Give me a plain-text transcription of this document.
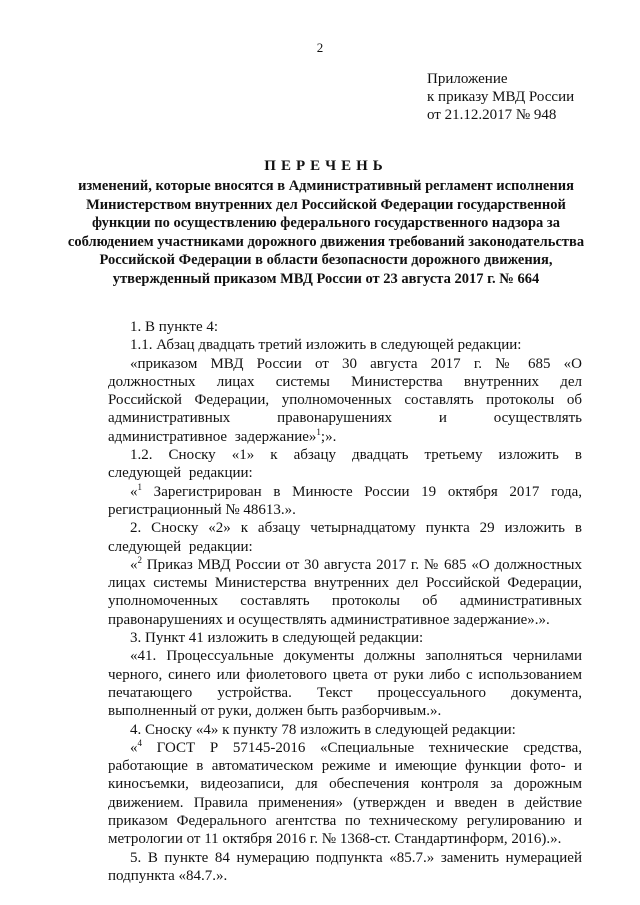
2
Приложение
к приказу МВД России
от 21.12.2017 № 948
ПЕРЕЧЕНЬ
изменений, которые вносятся в Административный регламент исполнения Министерством внутренних дел Российской Федерации государственной функции по осуществлению федерального государственного надзора за соблюдением участниками дорожного движения требований законодательства Российской Федерации в области безопасности дорожного движения, утвержденный приказом МВД России от 23 августа 2017 г. № 664

1. В пункте 4:

1.1. Абзац двадцать третий изложить в следующей редакции:

«приказом МВД России от 30 августа 2017 г. № 685 «О должностных лицах системы Министерства внутренних дел Российской Федерации, уполномоченных составлять протоколы об административных правонарушениях и осуществлять административное задержание»$^1$;».

1.2. Сноску «1» к абзацу двадцать третьему изложить в следующей редакции:

«$^1$ Зарегистрирован в Минюсте России 19 октября 2017 года, регистрационный № 48613.».

2. Сноску «2» к абзацу четырнадцатому пункта 29 изложить в следующей редакции:

«$^2$ Приказ МВД России от 30 августа 2017 г. № 685 «О должностных лицах системы Министерства внутренних дел Российской Федерации, уполномоченных составлять протоколы об административных правонарушениях и осуществлять административное задержание».».

3. Пункт 41 изложить в следующей редакции:

«41. Процессуальные документы должны заполняться чернилами черного, синего или фиолетового цвета от руки либо с использованием печатающего устройства. Текст процессуального документа, выполненный от руки, должен быть разборчивым.».

4. Сноску «4» к пункту 78 изложить в следующей редакции:

«$^4$ ГОСТ Р 57145-2016 «Специальные технические средства, работающие в автоматическом режиме и имеющие функции фото- и киносъемки, видеозаписи, для обеспечения контроля за дорожным движением. Правила применения» (утвержден и введен в действие приказом Федерального агентства по техническому регулированию и метрологии от 11 октября 2016 г. № 1368-ст. Стандартинформ, 2016).».

5. В пункте 84 нумерацию подпункта «85.7.» заменить нумерацией подпункта «84.7.».
